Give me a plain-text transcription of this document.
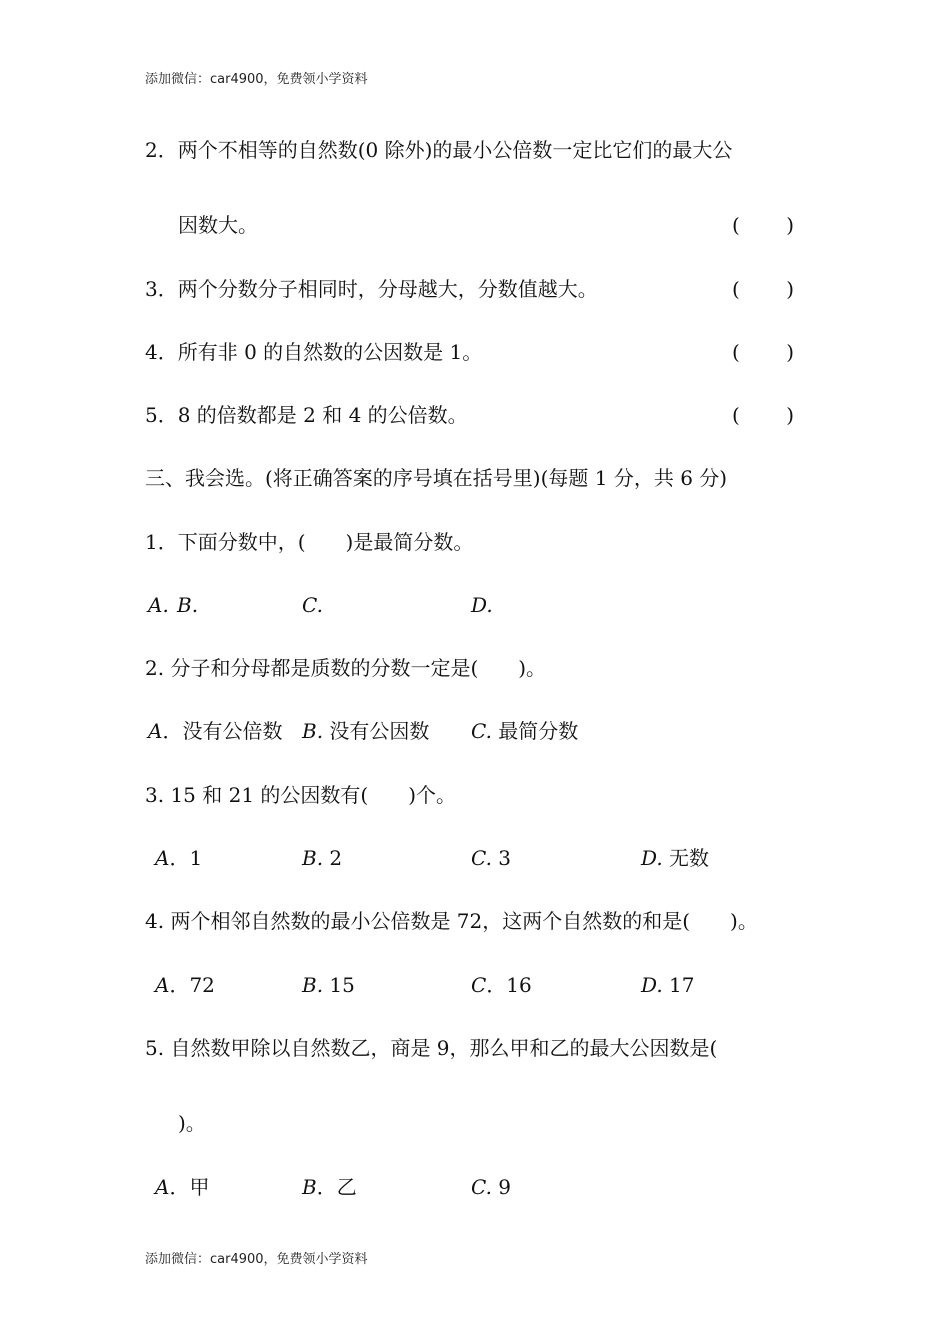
添加微信：car4900，免费领小学资料
2．两个不相等的自然数(0 除外)的最小公倍数一定比它们的最大公
因数大。	( )
3．两个分数分子相同时，分母越大，分数值越大。	( )
4．所有非 0 的自然数的公因数是 1。	( )
5．8 的倍数都是 2 和 4 的公倍数。	( )
三、我会选。(将正确答案的序号填在括号里)(每题 1 分，共 6 分)
1．下面分数中，(　　)是最简分数。
A. B.	C.	D.
2. 分子和分母都是质数的分数一定是(　　)。
A．没有公倍数 B. 没有公因数 C. 最简分数
3. 15 和 21 的公因数有(　　)个。
A．1	B. 2	C. 3	D. 无数
4. 两个相邻自然数的最小公倍数是 72，这两个自然数的和是(　　)。
A．72	B. 15	C．16	D. 17
5. 自然数甲除以自然数乙，商是 9，那么甲和乙的最大公因数是(
)。
A．甲	B．乙	C. 9
添加微信：car4900，免费领小学资料
